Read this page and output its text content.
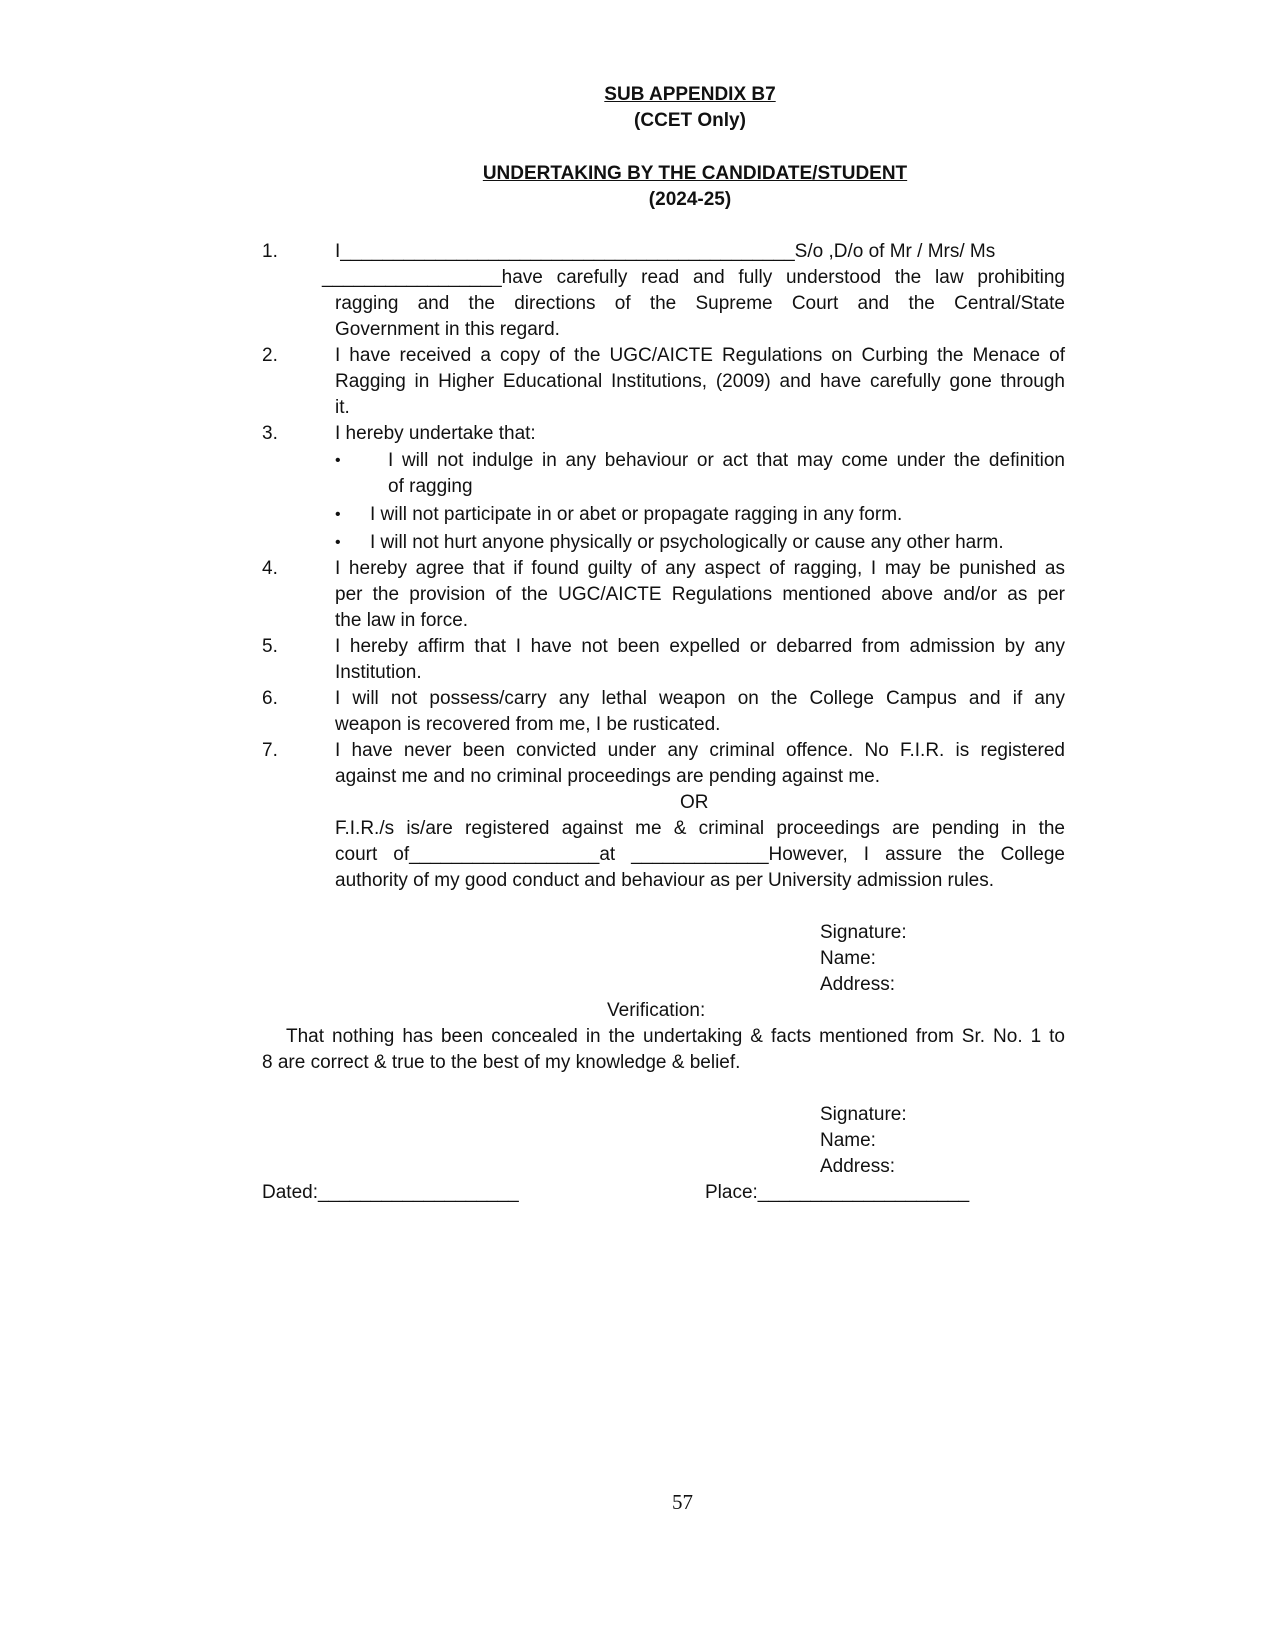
SUB APPENDIX B7
(CCET Only)
UNDERTAKING BY THE CANDIDATE/STUDENT
(2024-25)
1.	I___________________________________________S/o ,D/o of Mr / Mrs/ Ms
_________________have carefully read and fully understood the law prohibiting
ragging and the directions of the Supreme Court and the Central/State
Government in this regard.
2.	I have received a copy of the UGC/AICTE Regulations on Curbing the Menace of
Ragging in Higher Educational Institutions, (2009) and have carefully gone through
it.
3.	I hereby undertake that:
• I will not indulge in any behaviour or act that may come under the definition
of ragging
• I will not participate in or abet or propagate ragging in any form.
• I will not hurt anyone physically or psychologically or cause any other harm.
4.	I hereby agree that if found guilty of any aspect of ragging, I may be punished as
per the provision of the UGC/AICTE Regulations mentioned above and/or as per
the law in force.
5.	I hereby affirm that I have not been expelled or debarred from admission by any
Institution.
6.	I will not possess/carry any lethal weapon on the College Campus and if any
weapon is recovered from me, I be rusticated.
7.	I have never been convicted under any criminal offence. No F.I.R. is registered
against me and no criminal proceedings are pending against me.
OR
F.I.R./s is/are registered against me & criminal proceedings are pending in the
court of__________________at _____________However, I assure the College
authority of my good conduct and behaviour as per University admission rules.
Signature:
Name:
Address:
Verification:
That nothing has been concealed in the undertaking & facts mentioned from Sr. No. 1 to
8 are correct & true to the best of my knowledge & belief.
Signature:
Name:
Address:
Dated:___________________	Place:____________________
57
